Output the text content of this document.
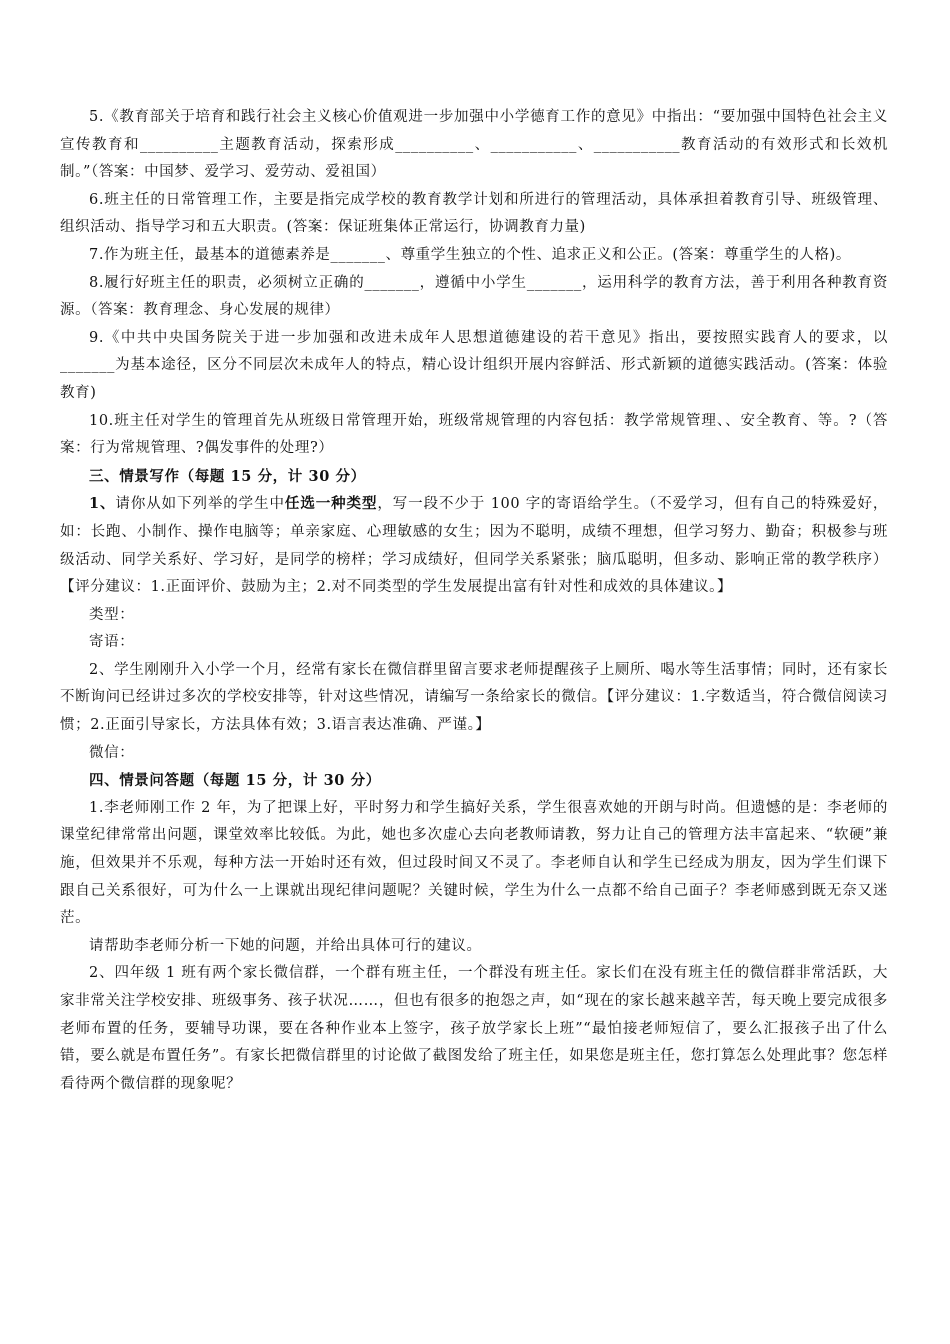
5.《教育部关于培育和践行社会主义核心价值观进一步加强中小学德育工作的意见》中指出：“要加强中国特色社会主义宣传教育和__________主题教育活动，探索形成__________、___________、___________教育活动的有效形式和长效机制。”（答案：中国梦、爱学习、爱劳动、爱祖国）

6.班主任的日常管理工作，主要是指完成学校的教育教学计划和所进行的管理活动，具体承担着教育引导、班级管理、组织活动、指导学习和五大职责。(答案：保证班集体正常运行，协调教育力量)

7.作为班主任，最基本的道德素养是_______、尊重学生独立的个性、追求正义和公正。(答案：尊重学生的人格)。

8.履行好班主任的职责，必须树立正确的_______，遵循中小学生_______，运用科学的教育方法，善于利用各种教育资源。（答案：教育理念、身心发展的规律）

9.《中共中央国务院关于进一步加强和改进未成年人思想道德建设的若干意见》指出，要按照实践育人的要求，以_______为基本途径，区分不同层次未成年人的特点，精心设计组织开展内容鲜活、形式新颖的道德实践活动。(答案：体验教育)

10.班主任对学生的管理首先从班级日常管理开始，班级常规管理的内容包括：教学常规管理、、安全教育、等。?（答案：行为常规管理、?偶发事件的处理?）

三、情景写作（每题 15 分，计 30 分）

1、请你从如下列举的学生中任选一种类型，写一段不少于 100 字的寄语给学生。（不爱学习，但有自己的特殊爱好，如：长跑、小制作、操作电脑等；单亲家庭、心理敏感的女生；因为不聪明，成绩不理想，但学习努力、勤奋；积极参与班级活动、同学关系好、学习好，是同学的榜样；学习成绩好，但同学关系紧张；脑瓜聪明，但多动、影响正常的教学秩序）【评分建议：1.正面评价、鼓励为主；2.对不同类型的学生发展提出富有针对性和成效的具体建议。】

类型：

寄语：

2、学生刚刚升入小学一个月，经常有家长在微信群里留言要求老师提醒孩子上厕所、喝水等生活事情；同时，还有家长不断询问已经讲过多次的学校安排等，针对这些情况，请编写一条给家长的微信。【评分建议：1.字数适当，符合微信阅读习惯；2.正面引导家长，方法具体有效；3.语言表达准确、严谨。】

微信：

四、情景问答题（每题 15 分，计 30 分）

1.李老师刚工作 2 年，为了把课上好，平时努力和学生搞好关系，学生很喜欢她的开朗与时尚。但遗憾的是：李老师的课堂纪律常常出问题，课堂效率比较低。为此，她也多次虚心去向老教师请教，努力让自己的管理方法丰富起来、“软硬”兼施，但效果并不乐观，每种方法一开始时还有效，但过段时间又不灵了。李老师自认和学生已经成为朋友，因为学生们课下跟自己关系很好，可为什么一上课就出现纪律问题呢？关键时候，学生为什么一点都不给自己面子？李老师感到既无奈又迷茫。

请帮助李老师分析一下她的问题，并给出具体可行的建议。

2、四年级 1 班有两个家长微信群，一个群有班主任，一个群没有班主任。家长们在没有班主任的微信群非常活跃，大家非常关注学校安排、班级事务、孩子状况……，但也有很多的抱怨之声，如“现在的家长越来越辛苦，每天晚上要完成很多老师布置的任务，要辅导功课，要在各种作业本上签字，孩子放学家长上班”“最怕接老师短信了，要么汇报孩子出了什么错，要么就是布置任务”。有家长把微信群里的讨论做了截图发给了班主任，如果您是班主任，您打算怎么处理此事？您怎样看待两个微信群的现象呢？
